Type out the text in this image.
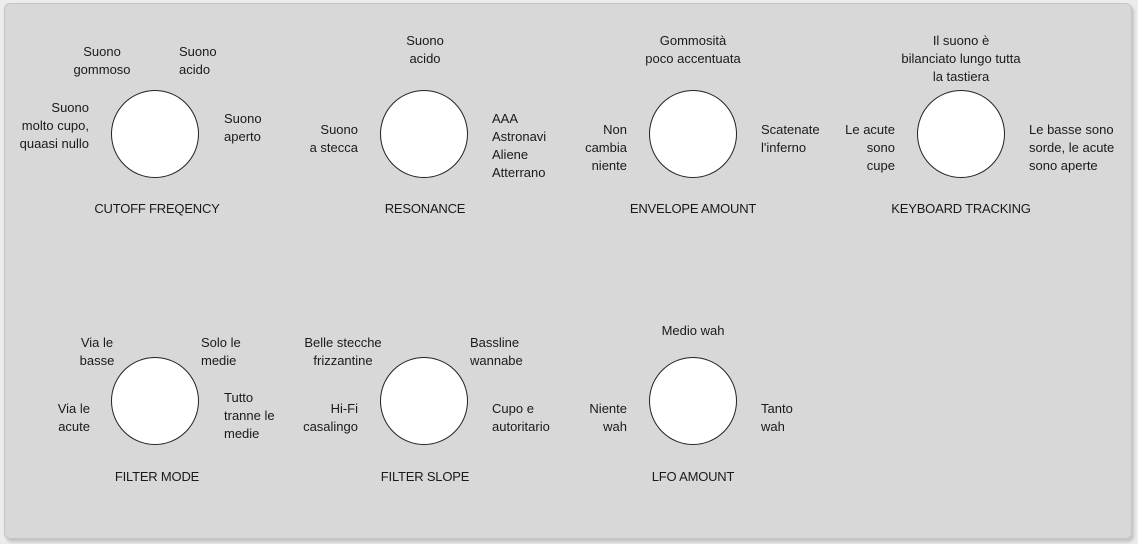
Suono
gommoso
Suono
acido
Suono
molto cupo,
quaasi nullo
Suono
aperto
CUTOFF FREQENCY
Suono
acido
Suono
a stecca
AAA
Astronavi
Aliene
Atterrano
RESONANCE
Gommosità
poco accentuata
Non
cambia
niente
Scatenate
l'inferno
ENVELOPE AMOUNT
Il suono è
bilanciato lungo tutta
la tastiera
Le acute
sono
cupe
Le basse sono
sorde, le acute
sono aperte
KEYBOARD TRACKING
Via le
basse
Solo le
medie
Via le
acute
Tutto
tranne le
medie
FILTER MODE
Belle stecche
frizzantine
Bassline
wannabe
Hi-Fi
casalingo
Cupo e
autoritario
FILTER SLOPE
Medio wah
Niente
wah
Tanto
wah
LFO AMOUNT
